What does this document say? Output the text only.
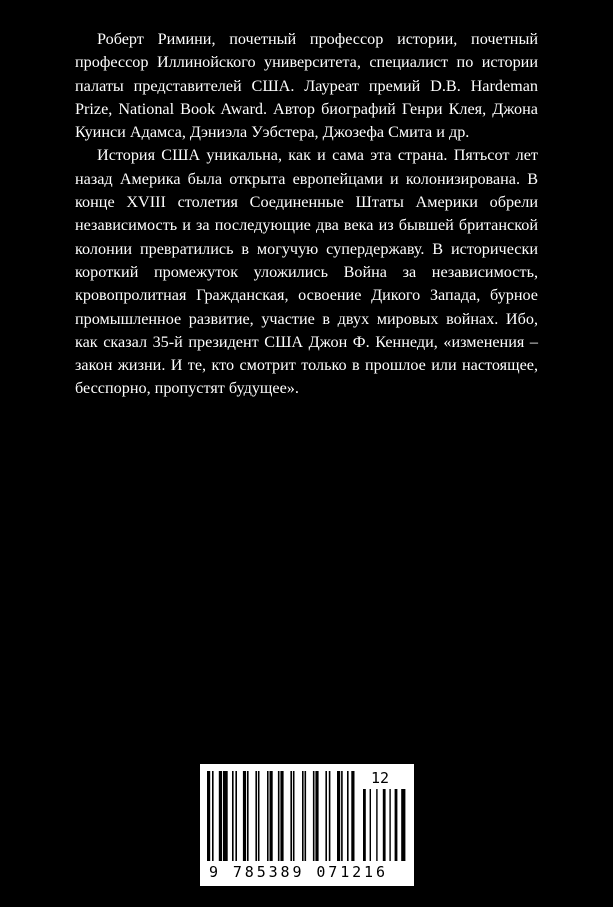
Роберт Римини, почетный профессор истории, почетный профессор Иллинойского университета, специалист по истории палаты представителей США. Лауреат премий D.B. Hardeman Prize, National Book Award. Автор биографий Генри Клея, Джона Куинси Адамса, Дэниэла Уэбстера, Джозефа Смита и др.

История США уникальна, как и сама эта страна. Пятьсот лет назад Америка была открыта европейцами и колонизирована. В конце XVIII столетия Соединенные Штаты Америки обрели независимость и за последующие два века из бывшей британской колонии превратились в могучую супердержаву. В исторически короткий промежуток уложились Война за независимость, кровопролитная Гражданская, освоение Дикого Запада, бурное промышленное развитие, участие в двух мировых войнах. Ибо, как сказал 35-й президент США Джон Ф. Кеннеди, «изменения – закон жизни. И те, кто смотрит только в прошлое или настоящее, бесспорно, пропустят будущее».

9 785389 071216
12
